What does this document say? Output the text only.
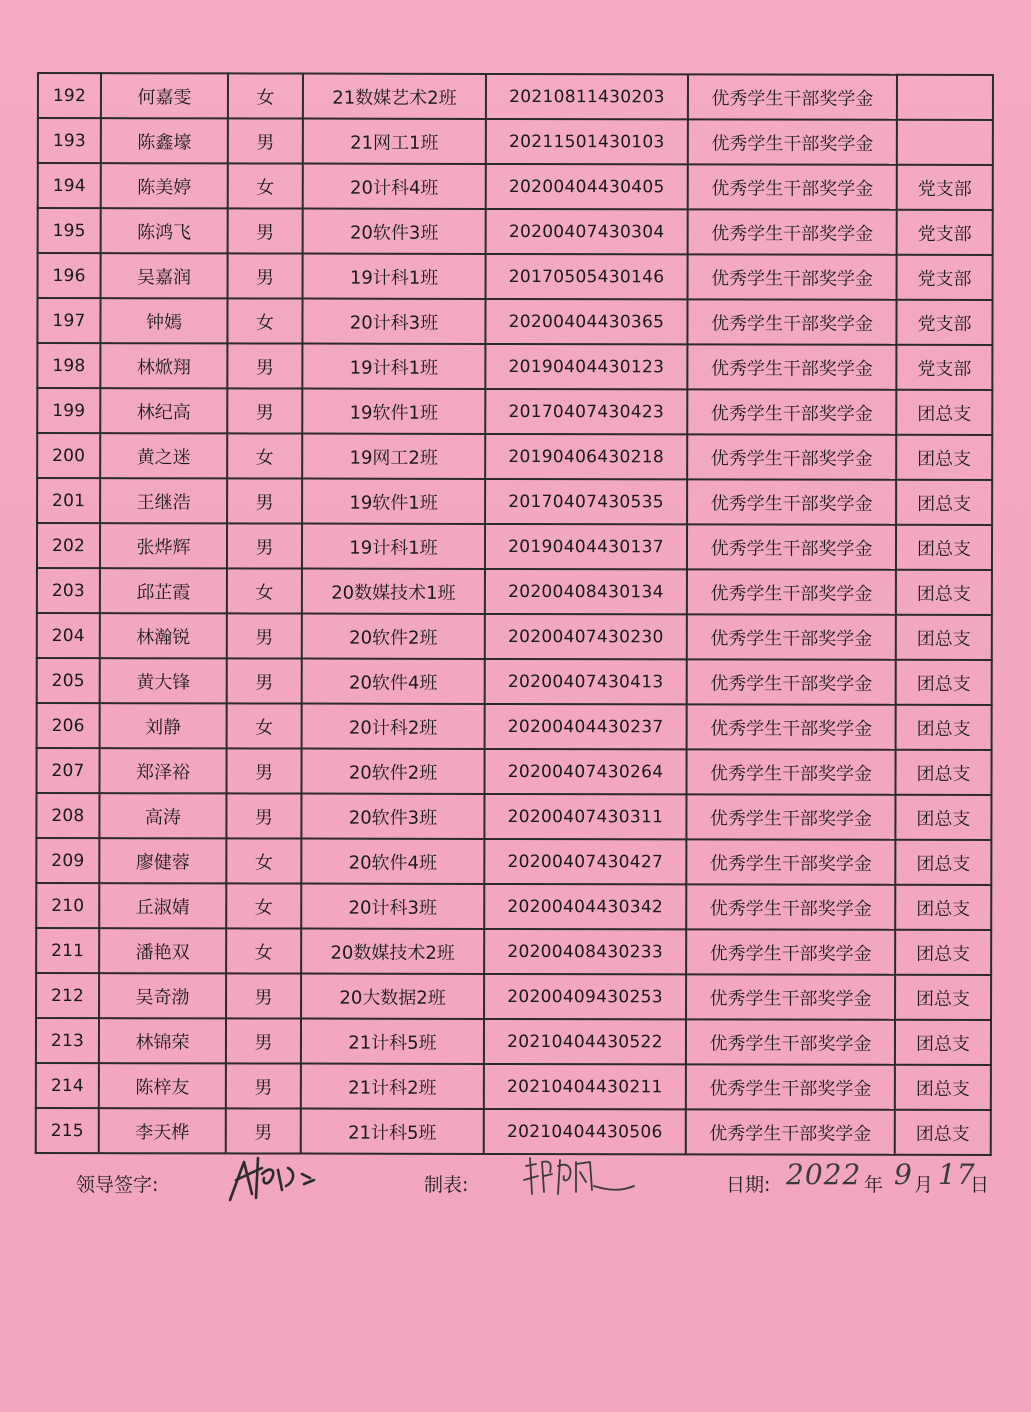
192	何嘉雯	女	21数媒艺术2班	20210811430203	优秀学生干部奖学金	
193	陈鑫壕	男	21网工1班	20211501430103	优秀学生干部奖学金	
194	陈美婷	女	20计科4班	20200404430405	优秀学生干部奖学金	党支部
195	陈鸿飞	男	20软件3班	20200407430304	优秀学生干部奖学金	党支部
196	吴嘉润	男	19计科1班	20170505430146	优秀学生干部奖学金	党支部
197	钟嫣	女	20计科3班	20200404430365	优秀学生干部奖学金	党支部
198	林焮翔	男	19计科1班	20190404430123	优秀学生干部奖学金	党支部
199	林纪高	男	19软件1班	20170407430423	优秀学生干部奖学金	团总支
200	黄之迷	女	19网工2班	20190406430218	优秀学生干部奖学金	团总支
201	王继浩	男	19软件1班	20170407430535	优秀学生干部奖学金	团总支
202	张烨辉	男	19计科1班	20190404430137	优秀学生干部奖学金	团总支
203	邱芷霞	女	20数媒技术1班	20200408430134	优秀学生干部奖学金	团总支
204	林瀚锐	男	20软件2班	20200407430230	优秀学生干部奖学金	团总支
205	黄大锋	男	20软件4班	20200407430413	优秀学生干部奖学金	团总支
206	刘静	女	20计科2班	20200404430237	优秀学生干部奖学金	团总支
207	郑泽裕	男	20软件2班	20200407430264	优秀学生干部奖学金	团总支
208	高涛	男	20软件3班	20200407430311	优秀学生干部奖学金	团总支
209	廖健蓉	女	20软件4班	20200407430427	优秀学生干部奖学金	团总支
210	丘淑婧	女	20计科3班	20200404430342	优秀学生干部奖学金	团总支
211	潘艳双	女	20数媒技术2班	20200408430233	优秀学生干部奖学金	团总支
212	吴奇渤	男	20大数据2班	20200409430253	优秀学生干部奖学金	团总支
213	林锦荣	男	21计科5班	20210404430522	优秀学生干部奖学金	团总支
214	陈梓友	男	21计科2班	20210404430211	优秀学生干部奖学金	团总支
215	李天桦	男	21计科5班	20210404430506	优秀学生干部奖学金	团总支
领导签字:	制表:	日期: 2022 年 9 月 17
日
